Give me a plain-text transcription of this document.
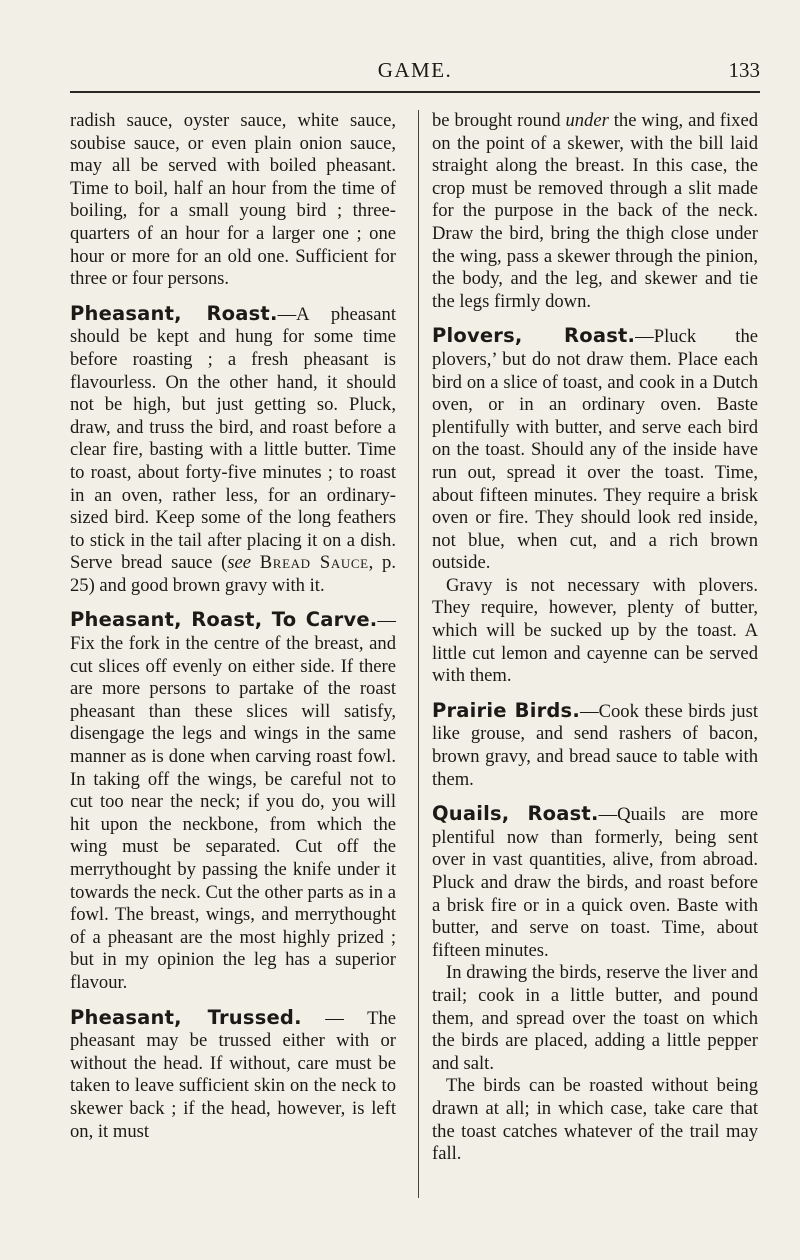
GAME.	133

radish sauce, oyster sauce, white sauce, soubise sauce, or even plain onion sauce, may all be served with boiled pheasant. Time to boil, half an hour from the time of boiling, for a small young bird ; three-quarters of an hour for a larger one ; one hour or more for an old one. Sufficient for three or four persons.

Pheasant, Roast.—A pheasant should be kept and hung for some time before roasting ; a fresh pheasant is flavourless. On the other hand, it should not be high, but just getting so. Pluck, draw, and truss the bird, and roast before a clear fire, basting with a little butter. Time to roast, about forty-five minutes ; to roast in an oven, rather less, for an ordinary-sized bird. Keep some of the long feathers to stick in the tail after placing it on a dish. Serve bread sauce (see Bread Sauce, p. 25) and good brown gravy with it.

Pheasant, Roast, To Carve.—Fix the fork in the centre of the breast, and cut slices off evenly on either side. If there are more persons to partake of the roast pheasant than these slices will satisfy, disengage the legs and wings in the same manner as is done when carving roast fowl. In taking off the wings, be careful not to cut too near the neck; if you do, you will hit upon the neckbone, from which the wing must be separated. Cut off the merrythought by passing the knife under it towards the neck. Cut the other parts as in a fowl. The breast, wings, and merrythought of a pheasant are the most highly prized ; but in my opinion the leg has a superior flavour.

Pheasant, Trussed. — The pheasant may be trussed either with or without the head. If without, care must be taken to leave sufficient skin on the neck to skewer back ; if the head, however, is left on, it must

be brought round under the wing, and fixed on the point of a skewer, with the bill laid straight along the breast. In this case, the crop must be removed through a slit made for the purpose in the back of the neck. Draw the bird, bring the thigh close under the wing, pass a skewer through the pinion, the body, and the leg, and skewer and tie the legs firmly down.

Plovers, Roast.—Pluck the plovers,’ but do not draw them. Place each bird on a slice of toast, and cook in a Dutch oven, or in an ordinary oven. Baste plentifully with butter, and serve each bird on the toast. Should any of the inside have run out, spread it over the toast. Time, about fifteen minutes. They require a brisk oven or fire. They should look red inside, not blue, when cut, and a rich brown outside.

Gravy is not necessary with plovers. They require, however, plenty of butter, which will be sucked up by the toast. A little cut lemon and cayenne can be served with them.

Prairie Birds.—Cook these birds just like grouse, and send rashers of bacon, brown gravy, and bread sauce to table with them.

Quails, Roast.—Quails are more plentiful now than formerly, being sent over in vast quantities, alive, from abroad. Pluck and draw the birds, and roast before a brisk fire or in a quick oven. Baste with butter, and serve on toast. Time, about fifteen minutes.

In drawing the birds, reserve the liver and trail; cook in a little butter, and pound them, and spread over the toast on which the birds are placed, adding a little pepper and salt.

The birds can be roasted without being drawn at all; in which case, take care that the toast catches whatever of the trail may fall.
